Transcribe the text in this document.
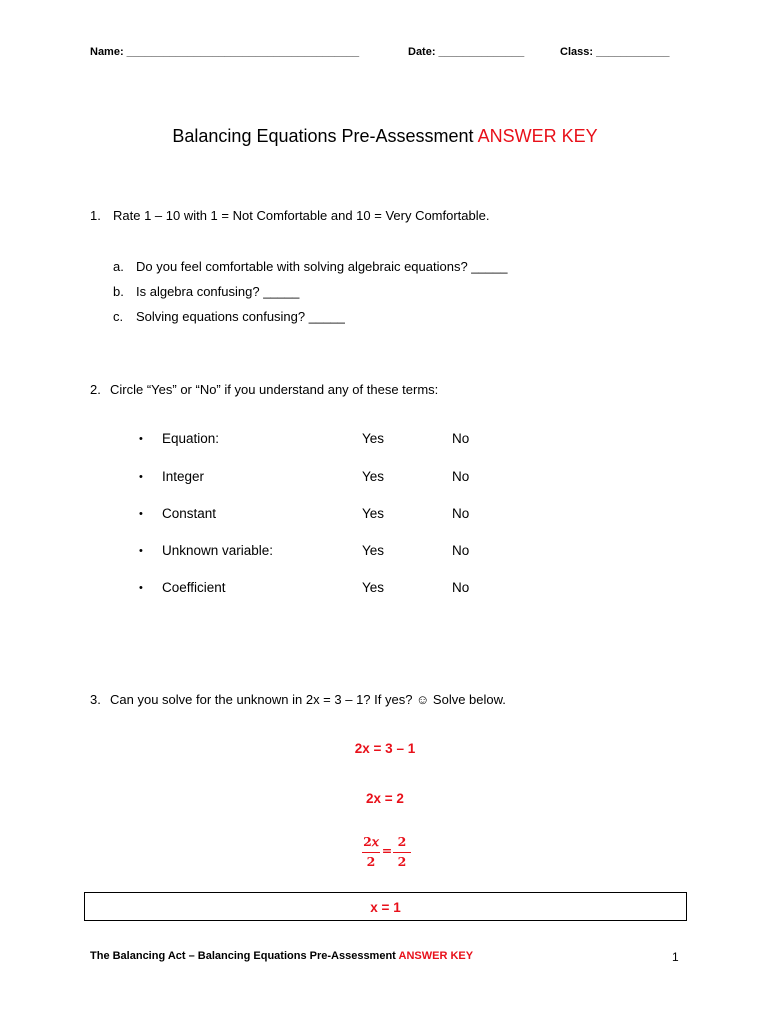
Name: ______________________________________	Date: ______________	Class: ____________
Balancing Equations Pre-Assessment ANSWER KEY
1. Rate 1 – 10 with 1 = Not Comfortable and 10 = Very Comfortable.
a. Do you feel comfortable with solving algebraic equations? _____
b. Is algebra confusing? _____
c. Solving equations confusing? _____
2. Circle “Yes” or “No” if you understand any of these terms:
• Equation:	Yes	No
• Integer	Yes	No
• Constant	Yes	No
• Unknown variable:	Yes	No
• Coefficient	Yes	No
3. Can you solve for the unknown in 2x = 3 – 1? If yes? ☺ Solve below.
2x = 3 – 1
2x = 2
2𝑥
2
=
2
2
x = 1
The Balancing Act – Balancing Equations Pre-Assessment ANSWER KEY	1
